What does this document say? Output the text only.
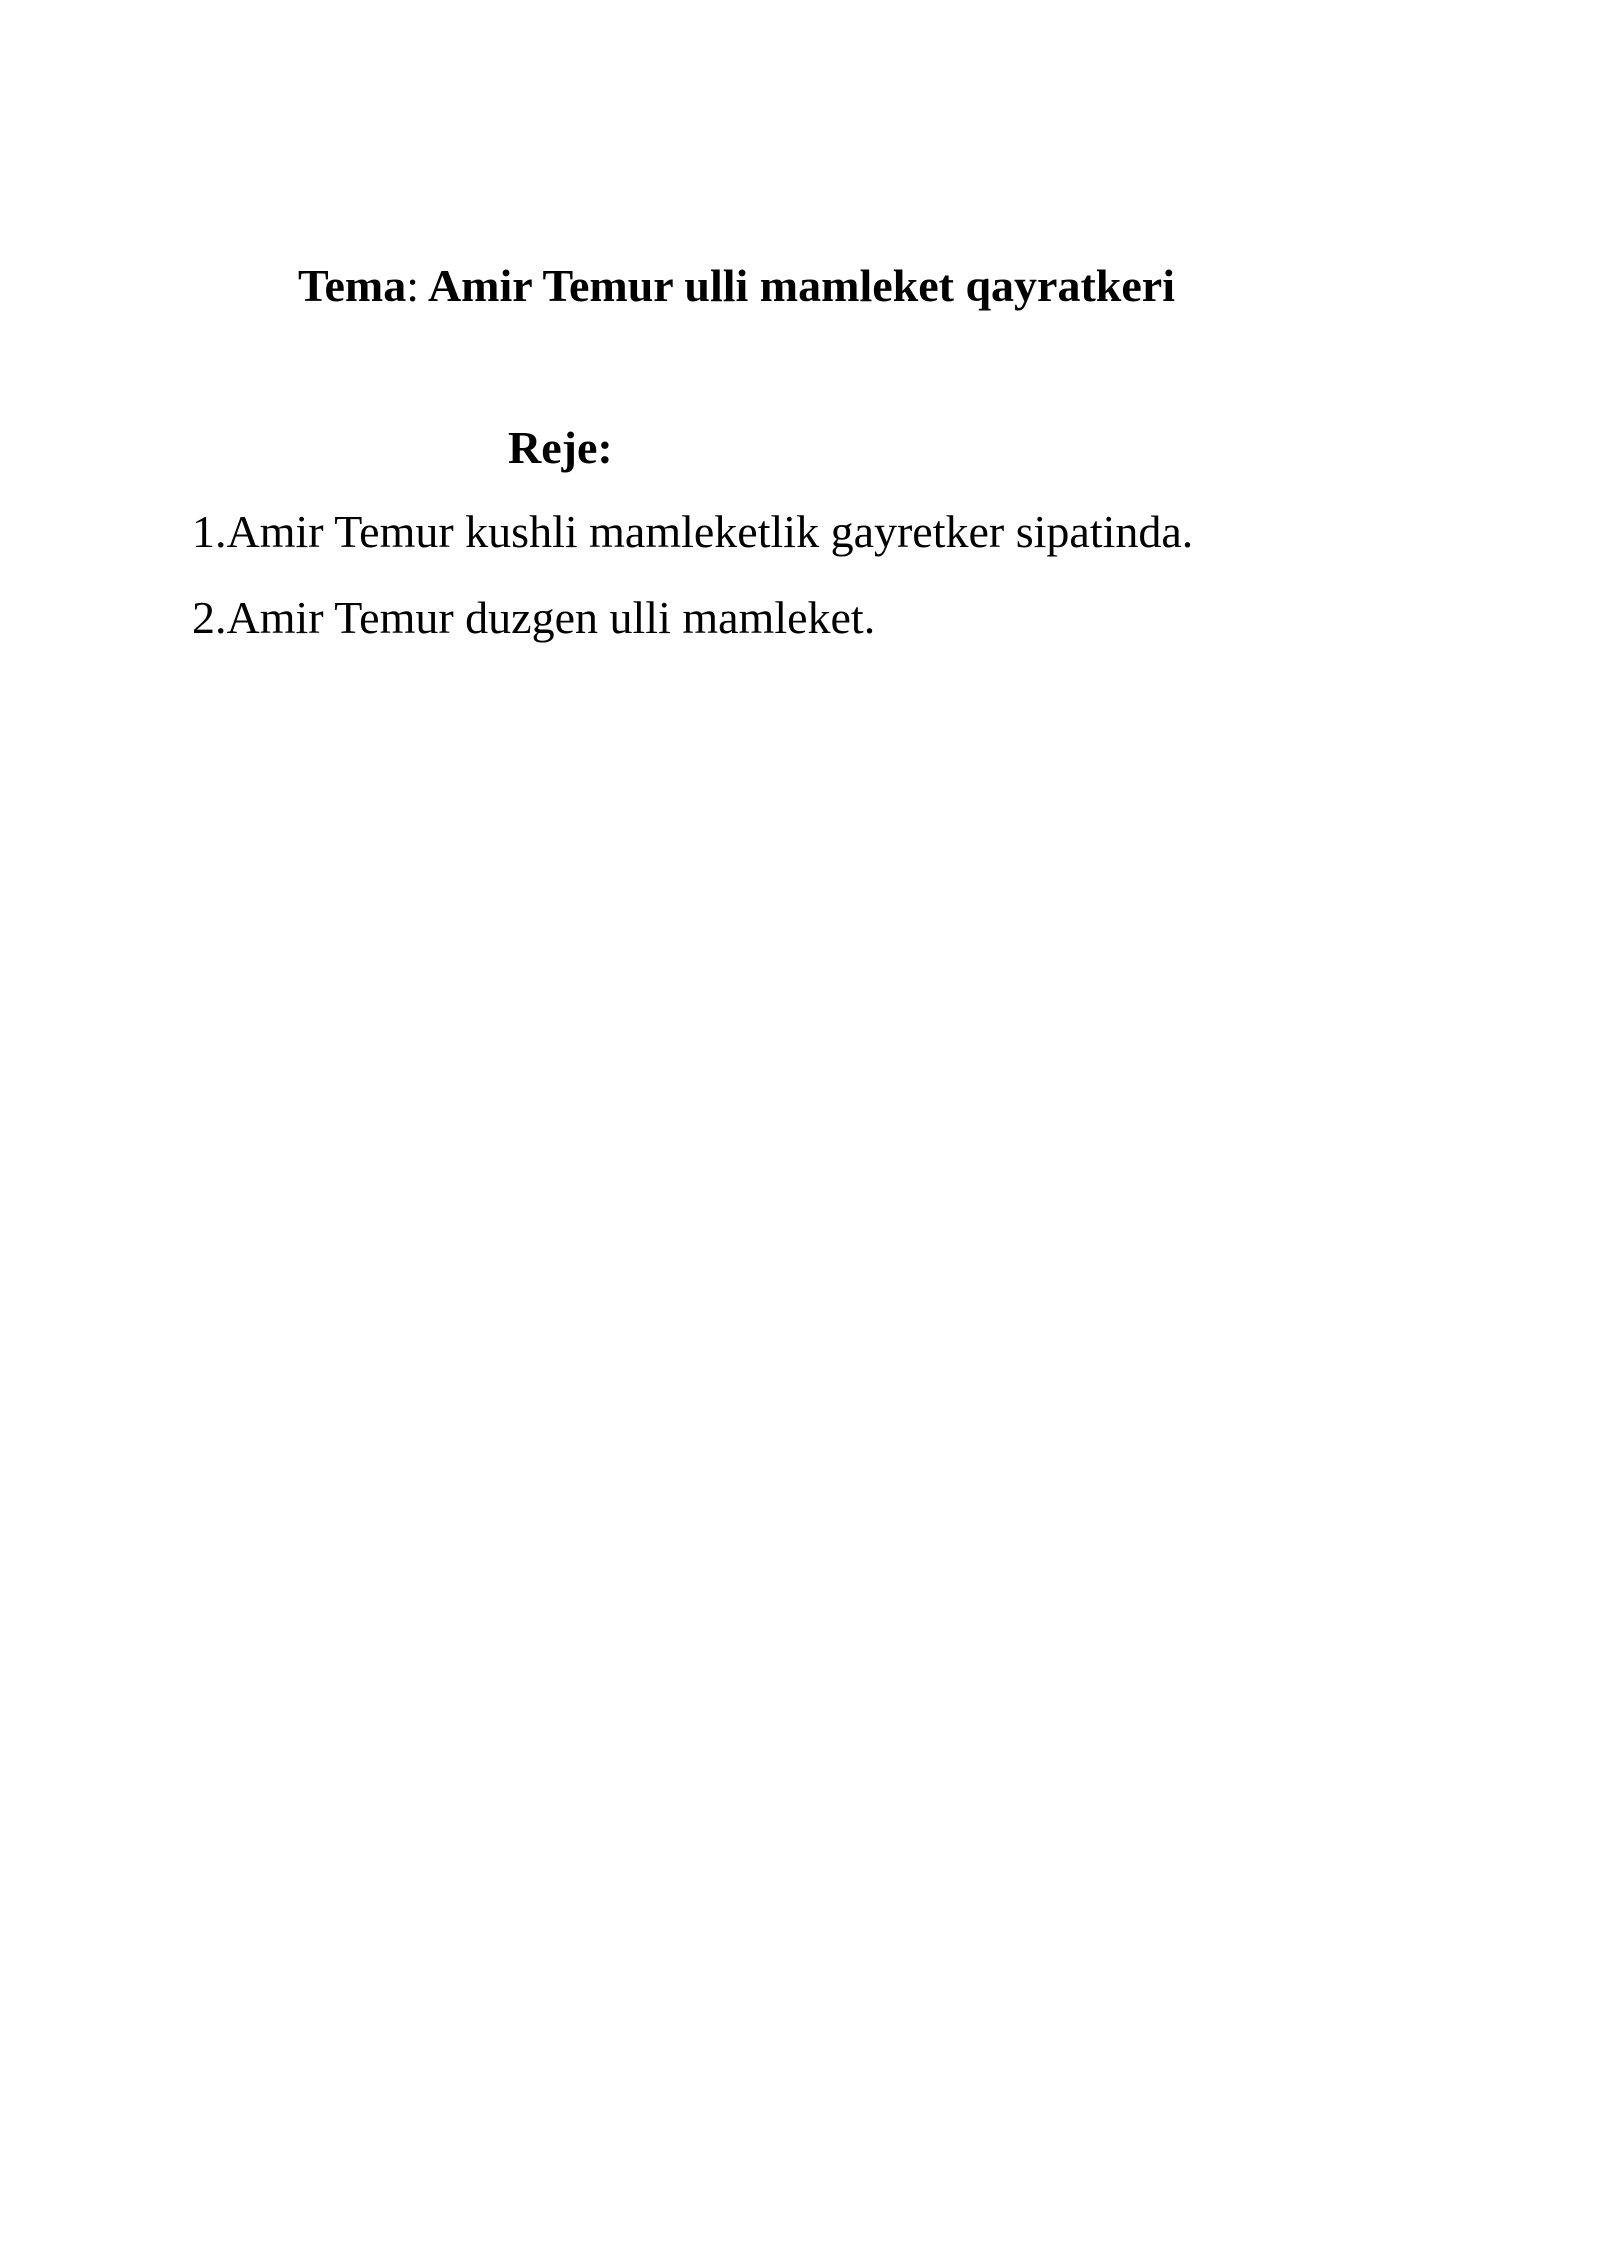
Tema: Amir Temur ulli mamleket qayratkeri
Reje:
1.Amir Temur kushli mamleketlik gayretker sipatinda.
2.Amir Temur duzgen ulli mamleket.
